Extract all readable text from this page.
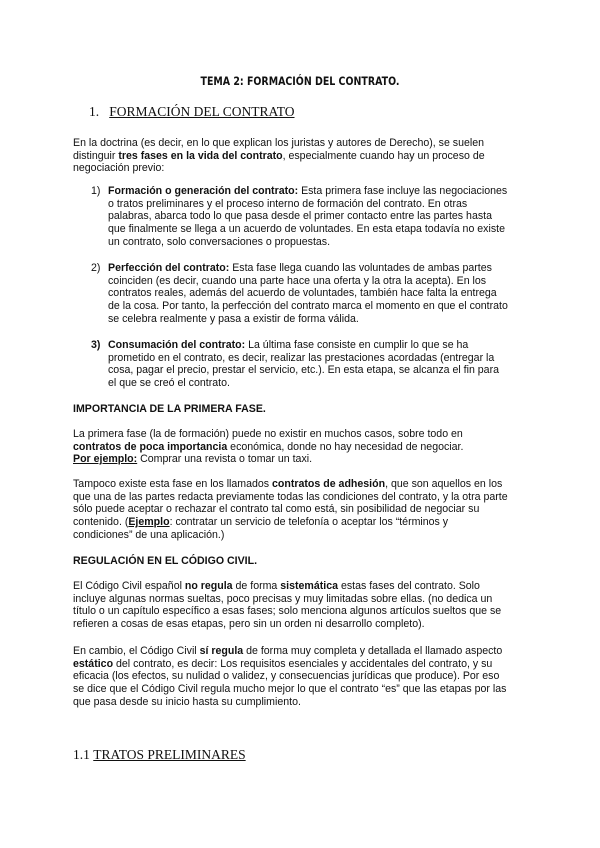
TEMA 2: FORMACIÓN DEL CONTRATO.
1. FORMACIÓN DEL CONTRATO
En la doctrina (es decir, en lo que explican los juristas y autores de Derecho), se suelen
distinguir tres fases en la vida del contrato, especialmente cuando hay un proceso de
negociación previo:
1) Formación o generación del contrato: Esta primera fase incluye las negociaciones
o tratos preliminares y el proceso interno de formación del contrato. En otras
palabras, abarca todo lo que pasa desde el primer contacto entre las partes hasta
que finalmente se llega a un acuerdo de voluntades. En esta etapa todavía no existe
un contrato, solo conversaciones o propuestas.
2) Perfección del contrato: Esta fase llega cuando las voluntades de ambas partes
coinciden (es decir, cuando una parte hace una oferta y la otra la acepta). En los
contratos reales, además del acuerdo de voluntades, también hace falta la entrega
de la cosa. Por tanto, la perfección del contrato marca el momento en que el contrato
se celebra realmente y pasa a existir de forma válida.
3) Consumación del contrato: La última fase consiste en cumplir lo que se ha
prometido en el contrato, es decir, realizar las prestaciones acordadas (entregar la
cosa, pagar el precio, prestar el servicio, etc.). En esta etapa, se alcanza el fin para
el que se creó el contrato.
IMPORTANCIA DE LA PRIMERA FASE.
La primera fase (la de formación) puede no existir en muchos casos, sobre todo en
contratos de poca importancia económica, donde no hay necesidad de negociar.
Por ejemplo: Comprar una revista o tomar un taxi.
Tampoco existe esta fase en los llamados contratos de adhesión, que son aquellos en los
que una de las partes redacta previamente todas las condiciones del contrato, y la otra parte
sólo puede aceptar o rechazar el contrato tal como está, sin posibilidad de negociar su
contenido. (Ejemplo: contratar un servicio de telefonía o aceptar los “términos y
condiciones” de una aplicación.)
REGULACIÓN EN EL CÓDIGO CIVIL.
El Código Civil español no regula de forma sistemática estas fases del contrato. Solo
incluye algunas normas sueltas, poco precisas y muy limitadas sobre ellas. (no dedica un
título o un capítulo específico a esas fases; solo menciona algunos artículos sueltos que se
refieren a cosas de esas etapas, pero sin un orden ni desarrollo completo).
En cambio, el Código Civil sí regula de forma muy completa y detallada el llamado aspecto
estático del contrato, es decir: Los requisitos esenciales y accidentales del contrato, y su
eficacia (los efectos, su nulidad o validez, y consecuencias jurídicas que produce). Por eso
se dice que el Código Civil regula mucho mejor lo que el contrato “es” que las etapas por las
que pasa desde su inicio hasta su cumplimiento.
1.1 TRATOS PRELIMINARES
